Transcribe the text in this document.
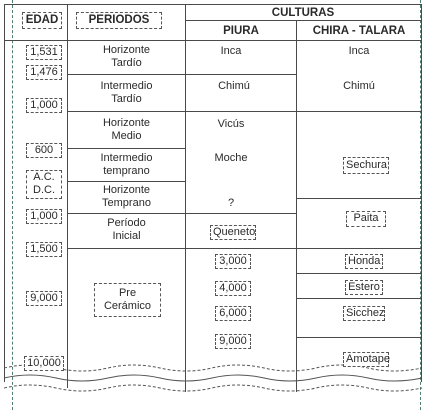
EDAD	PERIODOS
CULTURAS
PIURA	CHIRA - TALARA
1,531
1,476
1,000
600
A.C.
D.C.
1,000
1,500
9,000
10,000
Horizonte
Tardío
Intermedio
Tardío
Horizonte
Medio
Intermedio
temprano
Horizonte
Temprano
Período
Inicial
Pre
Cerámico
Inca
Chimú
Vicús
Moche
?
Queneto
3,000
4,000
6,000
9,000
Inca
Chimú
Sechura
Paita
Honda
Estero
Sicchez
Amotape
